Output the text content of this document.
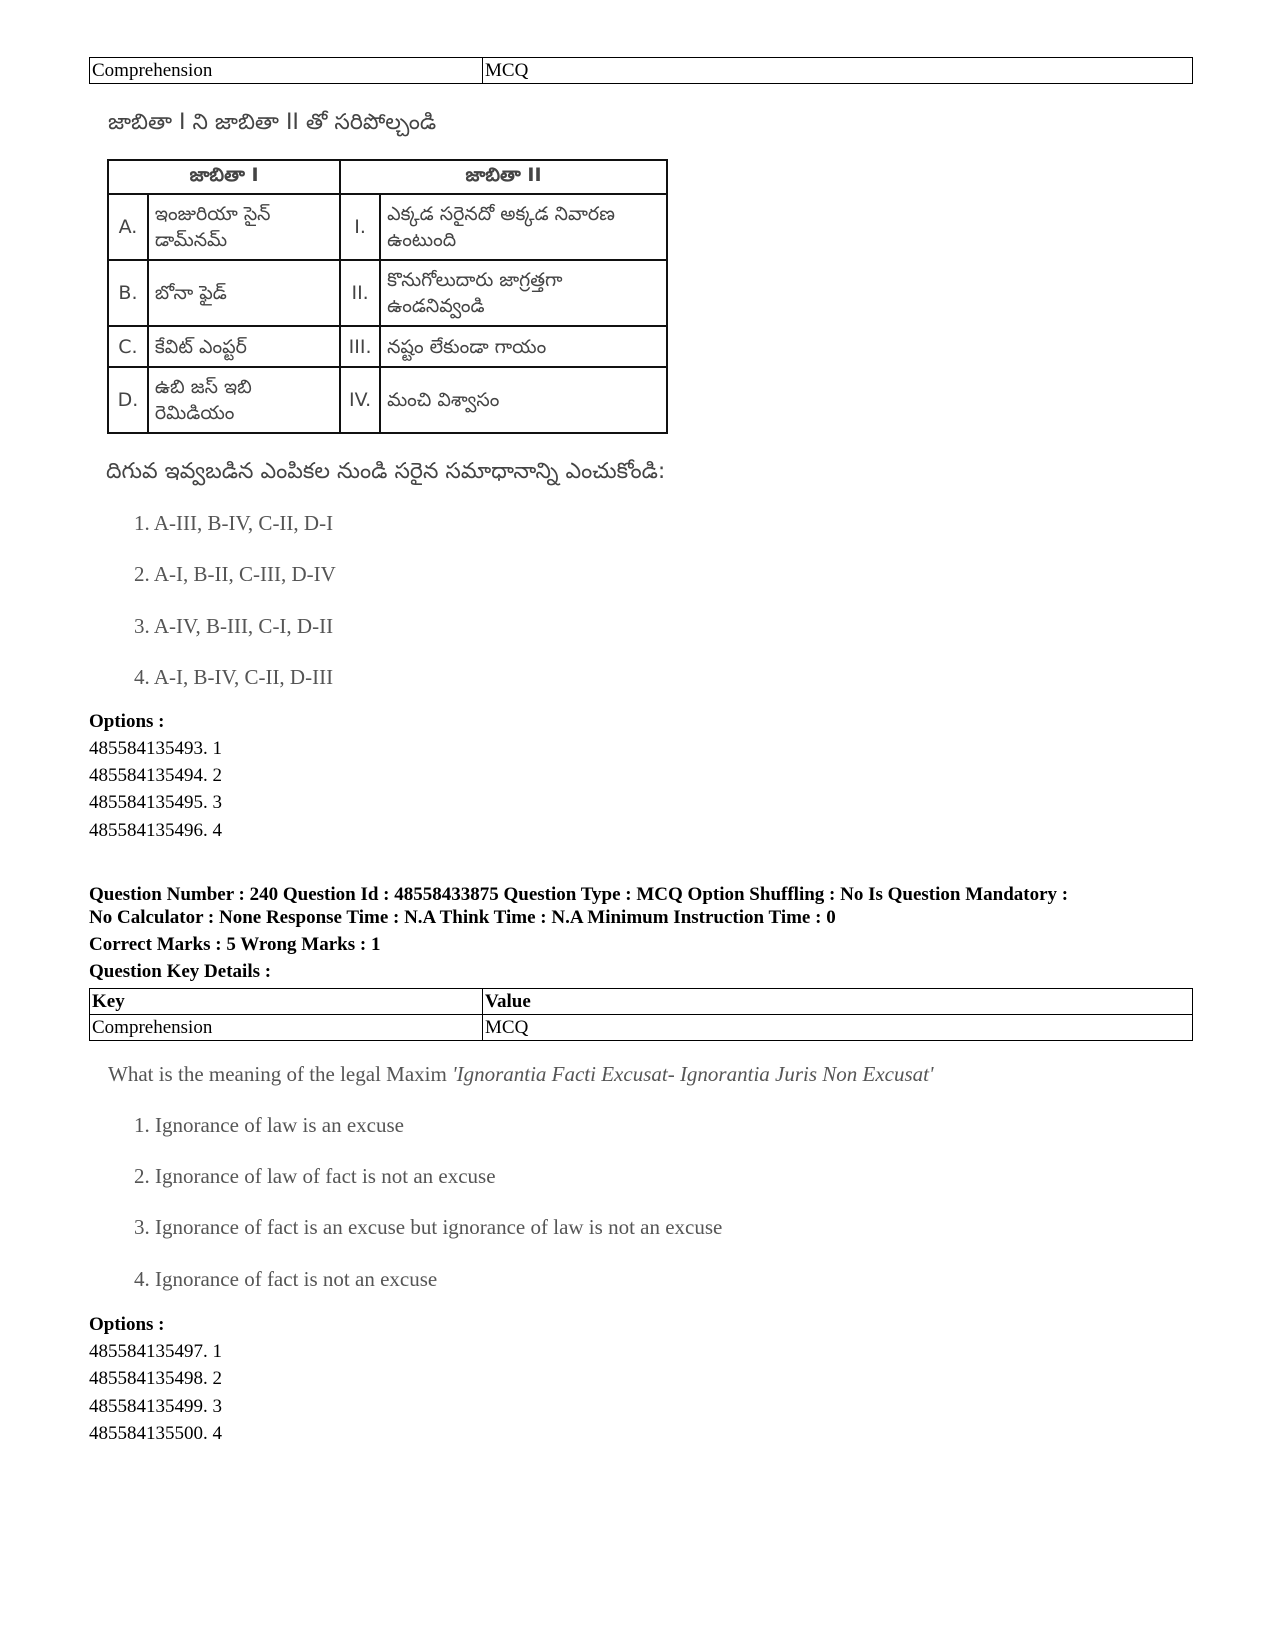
Comprehension	MCQ
జాబితా I ని జాబితా II తో సరిపోల్చండి
జాబితా I		జాబితా II	
A.	ఇంజురియా సైన్ డామ్‌నమ్	I.	ఎక్కడ సరైనదో అక్కడ నివారణ ఉంటుంది
B.	బోనా ఫైడ్	II.	కొనుగోలుదారు జాగ్రత్తగా ఉండనివ్వండి
C.	కేవిట్ ఎంప్టర్	III.	నష్టం లేకుండా గాయం
D.	ఉబి జస్ ఇబి రెమిడియం	IV.	మంచి విశ్వాసం
దిగువ ఇవ్వబడిన ఎంపికల నుండి సరైన సమాధానాన్ని ఎంచుకోండి:
1. A-III, B-IV, C-II, D-I
2. A-I, B-II, C-III, D-IV
3. A-IV, B-III, C-I, D-II
4. A-I, B-IV, C-II, D-III
Options :
485584135493. 1
485584135494. 2
485584135495. 3
485584135496. 4
Question Number : 240 Question Id : 48558433875 Question Type : MCQ Option Shuffling : No Is Question Mandatory :
No Calculator : None Response Time : N.A Think Time : N.A Minimum Instruction Time : 0
Correct Marks : 5 Wrong Marks : 1
Question Key Details :
Key	Value
Comprehension	MCQ
What is the meaning of the legal Maxim 'Ignorantia Facti Excusat- Ignorantia Juris Non Excusat'
1. Ignorance of law is an excuse
2. Ignorance of law of fact is not an excuse
3. Ignorance of fact is an excuse but ignorance of law is not an excuse
4. Ignorance of fact is not an excuse
Options :
485584135497. 1
485584135498. 2
485584135499. 3
485584135500. 4
